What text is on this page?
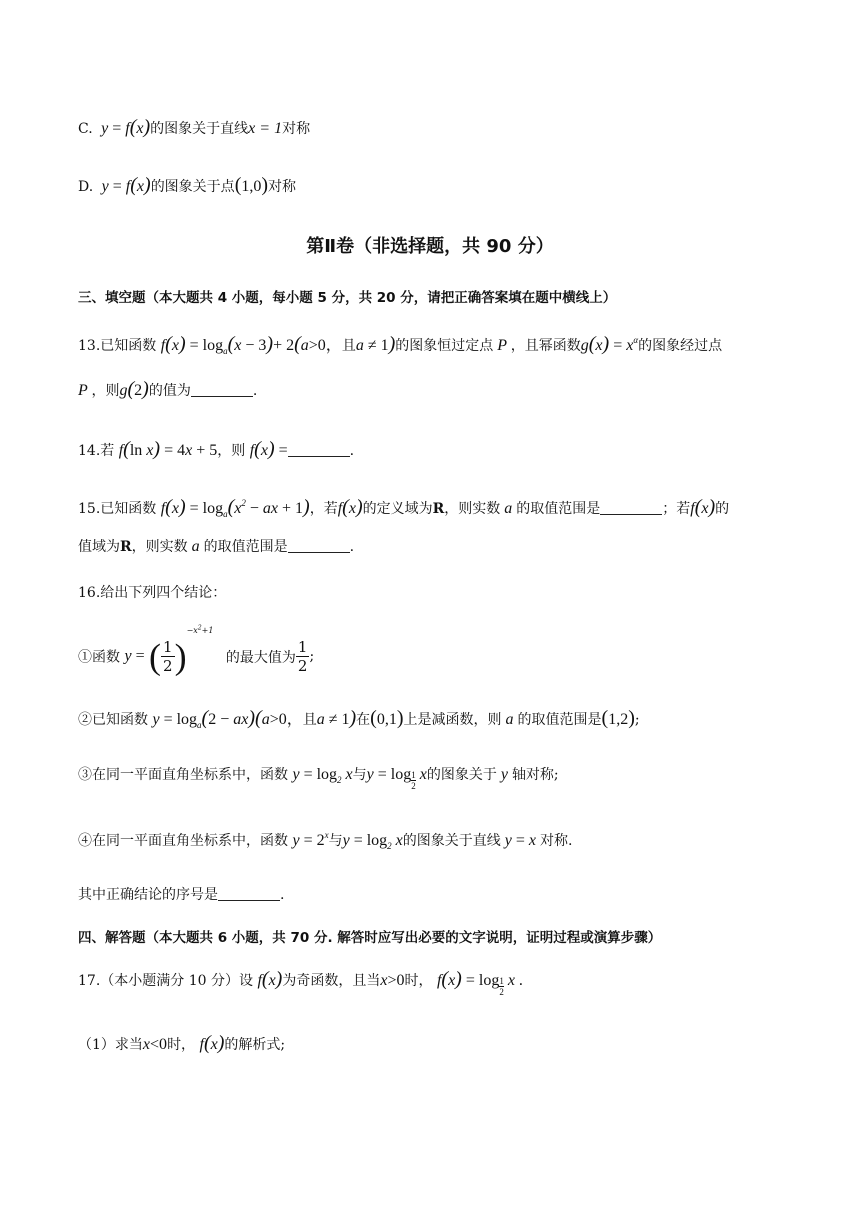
C.  y = f(x)的图象关于直线x = 1对称
D.  y = f(x)的图象关于点(1,0)对称
第Ⅱ卷（非选择题，共 90 分）
三、填空题（本大题共 4 小题，每小题 5 分，共 20 分，请把正确答案填在题中横线上）
13.已知函数 $f(x) = \log_a(x - 3)+ 2(a>0$，且a ≠ 1)的图象恒过定点 P ，且幂函数$g(x) = x^\alpha$的图象经过点
P ，则g(2)的值为	.
14.若 f(ln x) = 4x + 5，则 f(x) =	.
15.已知函数 $f(x) = \log_a(x^2$ − ax + 1)，若f(x)的定义域为R，则实数 a 的取值范围是	；若f(x)的
值域为R，则实数 a 的取值范围是	.
16.给出下列四个结论：
①函数 y = ( $\frac{1}{2} )^{-x^2+1}$ 的最大值为 $\frac{1}{2}$ ;
②已知函数 $y = \log_a(2 - ax)(a>0$，且a ≠ 1)在(0,1)上是减函数，则 a 的取值范围是(1,2);
③在同一平面直角坐标系中，函数 $y = \log_2 x$与$y = \log \frac{1}{2}$ x的图象关于 y 轴对称;
④在同一平面直角坐标系中，函数 $y = 2^x$与$y = \log_2 x$的图象关于直线 y = x 对称.
其中正确结论的序号是	.
四、解答题（本大题共 6 小题，共 70 分. 解答时应写出必要的文字说明，证明过程或演算步骤）
17.（本小题满分 10 分）设 f(x)为奇函数，且当x>0时， $f(x) = \log \frac{1}{2}$ x .
（1）求当x<0时， f(x)的解析式;
